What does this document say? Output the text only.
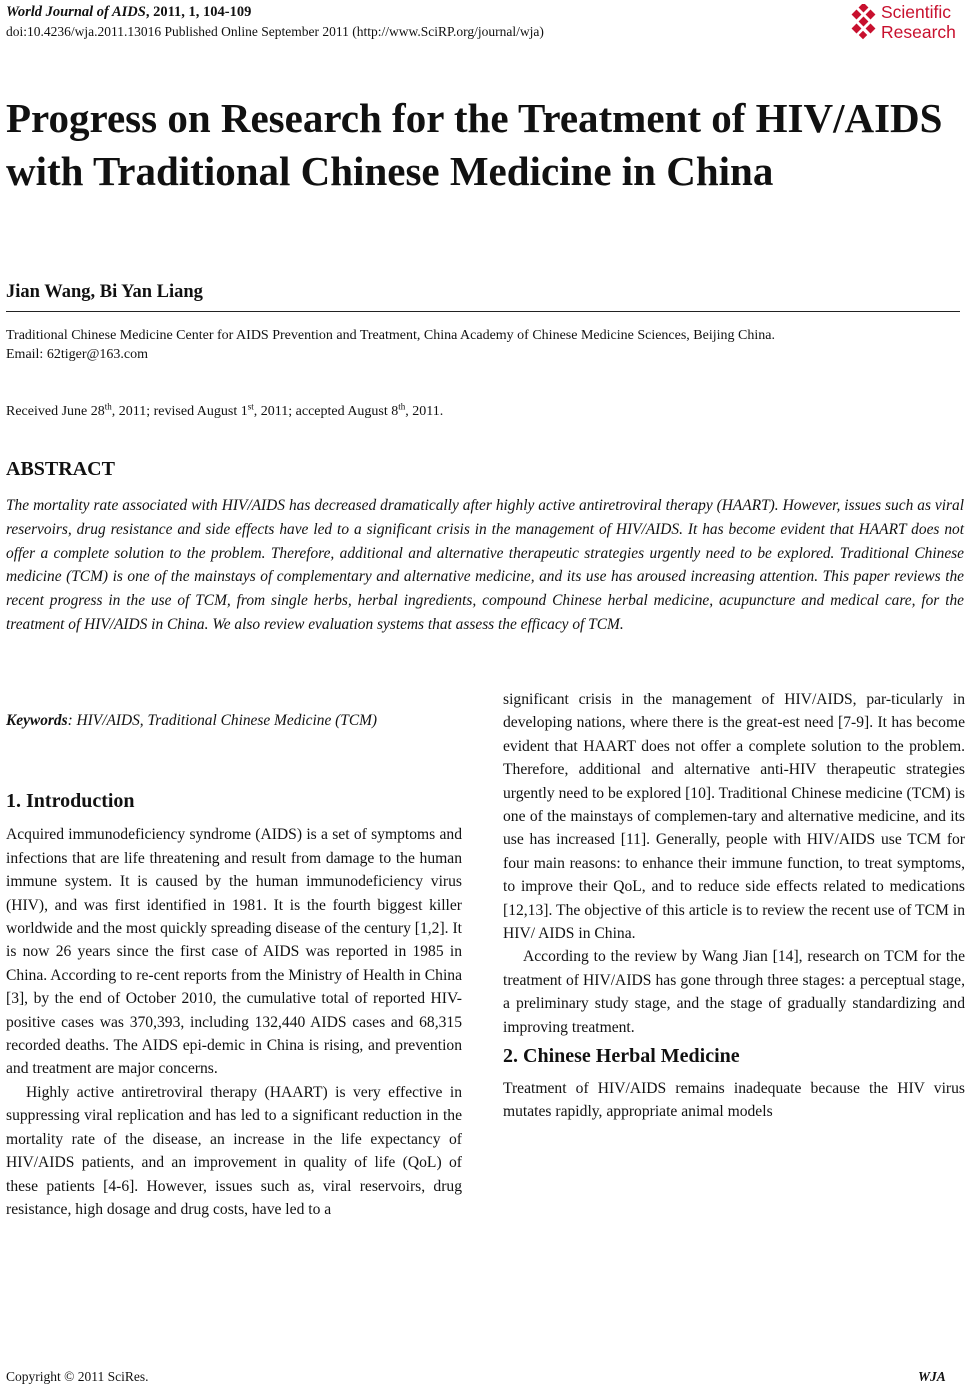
World Journal of AIDS, 2011, 1, 104-109
doi:10.4236/wja.2011.13016 Published Online September 2011 (http://www.SciRP.org/journal/wja)
Scientific
Research
Progress on Research for the Treatment of HIV/AIDS with Traditional Chinese Medicine in China
Jian Wang, Bi Yan Liang
Traditional Chinese Medicine Center for AIDS Prevention and Treatment, China Academy of Chinese Medicine Sciences, Beijing China.
Email: 62tiger@163.com
Received June 28th, 2011; revised August 1st, 2011; accepted August 8th, 2011.
ABSTRACT
The mortality rate associated with HIV/AIDS has decreased dramatically after highly active antiretroviral therapy (HAART). However, issues such as viral reservoirs, drug resistance and side effects have led to a significant crisis in the management of HIV/AIDS. It has become evident that HAART does not offer a complete solution to the problem. Therefore, additional and alternative therapeutic strategies urgently need to be explored. Traditional Chinese medicine (TCM) is one of the mainstays of complementary and alternative medicine, and its use has aroused increasing attention. This paper reviews the recent progress in the use of TCM, from single herbs, herbal ingredients, compound Chinese herbal medicine, acupuncture and medical care, for the treatment of HIV/AIDS in China. We also review evaluation systems that assess the efficacy of TCM.
Keywords: HIV/AIDS, Traditional Chinese Medicine (TCM)
1. Introduction

Acquired immunodeficiency syndrome (AIDS) is a set of symptoms and infections that are life threatening and result from damage to the human immune system. It is caused by the human immunodeficiency virus (HIV), and was first identified in 1981. It is the fourth biggest killer worldwide and the most quickly spreading disease of the century [1,2]. It is now 26 years since the first case of AIDS was reported in 1985 in China. According to re-cent reports from the Ministry of Health in China [3], by the end of October 2010, the cumulative total of reported HIV-positive cases was 370,393, including 132,440 AIDS cases and 68,315 recorded deaths. The AIDS epi-demic in China is rising, and prevention and treatment are major concerns.

Highly active antiretroviral therapy (HAART) is very effective in suppressing viral replication and has led to a significant reduction in the mortality rate of the disease, an increase in the life expectancy of HIV/AIDS patients, and an improvement in quality of life (QoL) of these patients [4-6]. However, issues such as, viral reservoirs, drug resistance, high dosage and drug costs, have led to a

significant crisis in the management of HIV/AIDS, par-ticularly in developing nations, where there is the great-est need [7-9]. It has become evident that HAART does not offer a complete solution to the problem. Therefore, additional and alternative anti-HIV therapeutic strategies urgently need to be explored [10]. Traditional Chinese medicine (TCM) is one of the mainstays of complemen-tary and alternative medicine, and its use has increased [11]. Generally, people with HIV/AIDS use TCM for four main reasons: to enhance their immune function, to treat symptoms, to improve their QoL, and to reduce side effects related to medications [12,13]. The objective of this article is to review the recent use of TCM in HIV/ AIDS in China.

According to the review by Wang Jian [14], research on TCM for the treatment of HIV/AIDS has gone through three stages: a perceptual stage, a preliminary study stage, and the stage of gradually standardizing and improving treatment.

2. Chinese Herbal Medicine

Treatment of HIV/AIDS remains inadequate because the HIV virus mutates rapidly, appropriate animal models

Copyright © 2011 SciRes.	WJA
